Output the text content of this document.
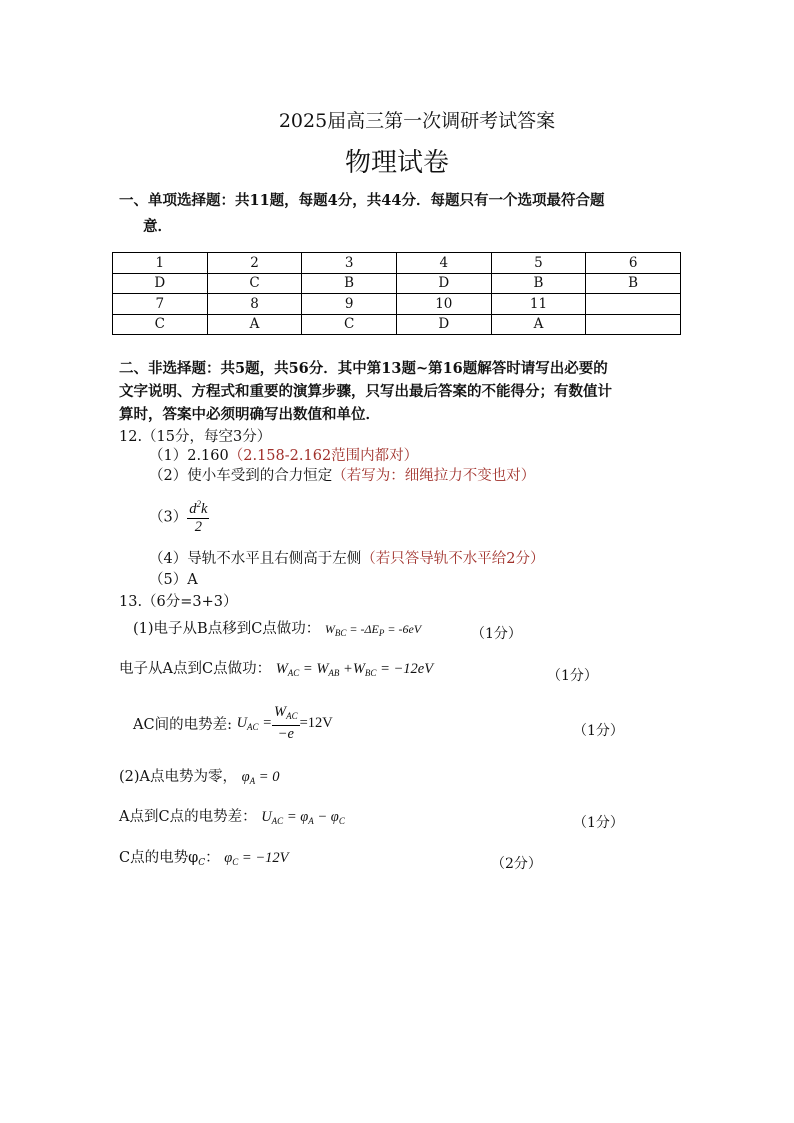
2025届高三第一次调研考试答案
物理试卷
一、单项选择题：共11题，每题4分，共44分．每题只有一个选项最符合题
意．
1	2	3	4	5	6
D	C	B	D	B	B
7	8	9	10	11	
C	A	C	D	A	
二、非选择题：共5题，共56分．其中第13题~第16题解答时请写出必要的
文字说明、方程式和重要的演算步骤，只写出最后答案的不能得分；有数值计
算时，答案中必须明确写出数值和单位．
12.（15分，每空3分）
（1）2.160（2.158-2.162范围内都对）
（2）使小车受到的合力恒定（若写为：细绳拉力不变也对）
$(3) \frac{d^2k}{2}$
（4）导轨不水平且右侧高于左侧（若只答导轨不水平给2分）
（5）A
13.（6分=3+3）
(1)电子从B点移到C点做功： $W_{BC} = -\Delta E_P = -6eV$	（1分）
电子从A点到C点做功： $W_{AC} = W_{AB} +W_{BC} = -12eV$	（1分）
AC间的电势差: $U_{AC} = \frac{W_{AC}}{-e} =12V$	（1分）
(2)A点电势为零， $\varphi_A = 0$
A点到C点的电势差： $U_{AC} = \varphi_A - \varphi_C$	（1分）
C点的电势$\varphi_C$： $\varphi_C = -12V$	（2分）
